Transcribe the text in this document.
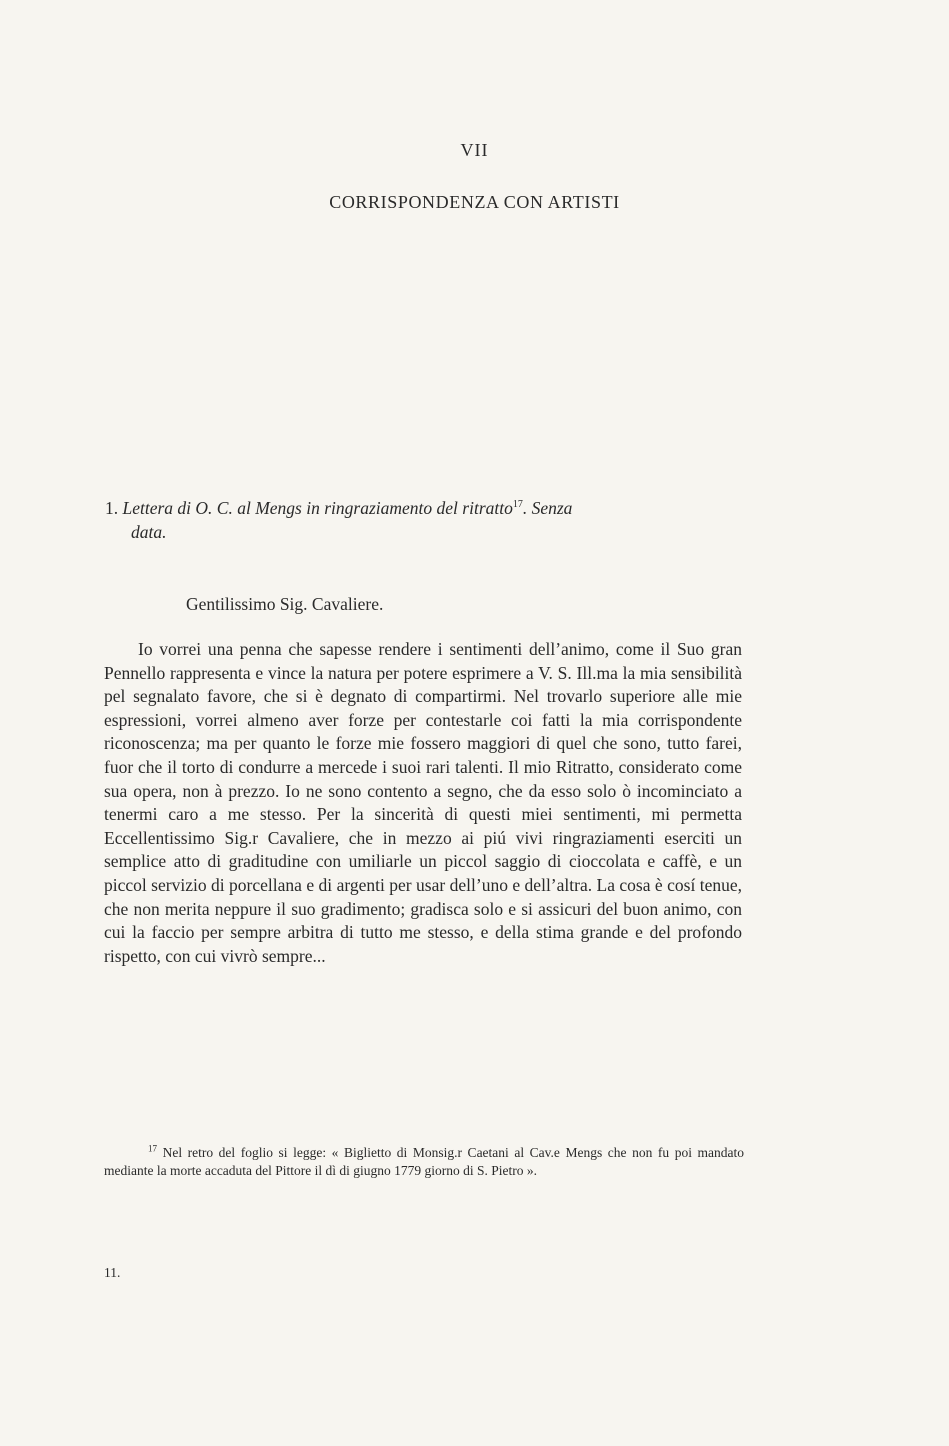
VII
CORRISPONDENZA CON ARTISTI
1. Lettera di O. C. al Mengs in ringraziamento del ritratto$^{17}$. Senza
data.
Gentilissimo Sig. Cavaliere.

Io vorrei una penna che sapesse rendere i sentimenti dell’animo, come il Suo gran Pennello rappresenta e vince la natura per potere esprimere a V. S. Ill.ma la mia sensibilità pel segnalato favore, che si è degnato di compartirmi. Nel trovarlo superiore alle mie espressioni, vorrei almeno aver forze per contestarle coi fatti la mia corrispondente riconoscenza; ma per quanto le forze mie fossero maggiori di quel che sono, tutto farei, fuor che il torto di condurre a mercede i suoi rari talenti. Il mio Ritratto, considerato come sua opera, non à prezzo. Io ne sono contento a segno, che da esso solo ò incominciato a tenermi caro a me stesso. Per la sincerità di questi miei sentimenti, mi permetta Eccellentissimo Sig.r Cavaliere, che in mezzo ai piú vivi ringraziamenti eserciti un semplice atto di graditudine con umiliarle un piccol saggio di cioccolata e caffè, e un piccol servizio di porcellana e di argenti per usar dell’uno e dell’altra. La cosa è cosí tenue, che non merita neppure il suo gradimento; gradisca solo e si assicuri del buon animo, con cui la faccio per sempre arbitra di tutto me stesso, e della stima grande e del profondo rispetto, con cui vivrò sempre...

$^{17}$ Nel retro del foglio si legge: « Biglietto di Monsig.r Caetani al Cav.e Mengs che non fu poi mandato mediante la morte accaduta del Pittore il dì di giugno 1779 giorno di S. Pietro ».

11.
